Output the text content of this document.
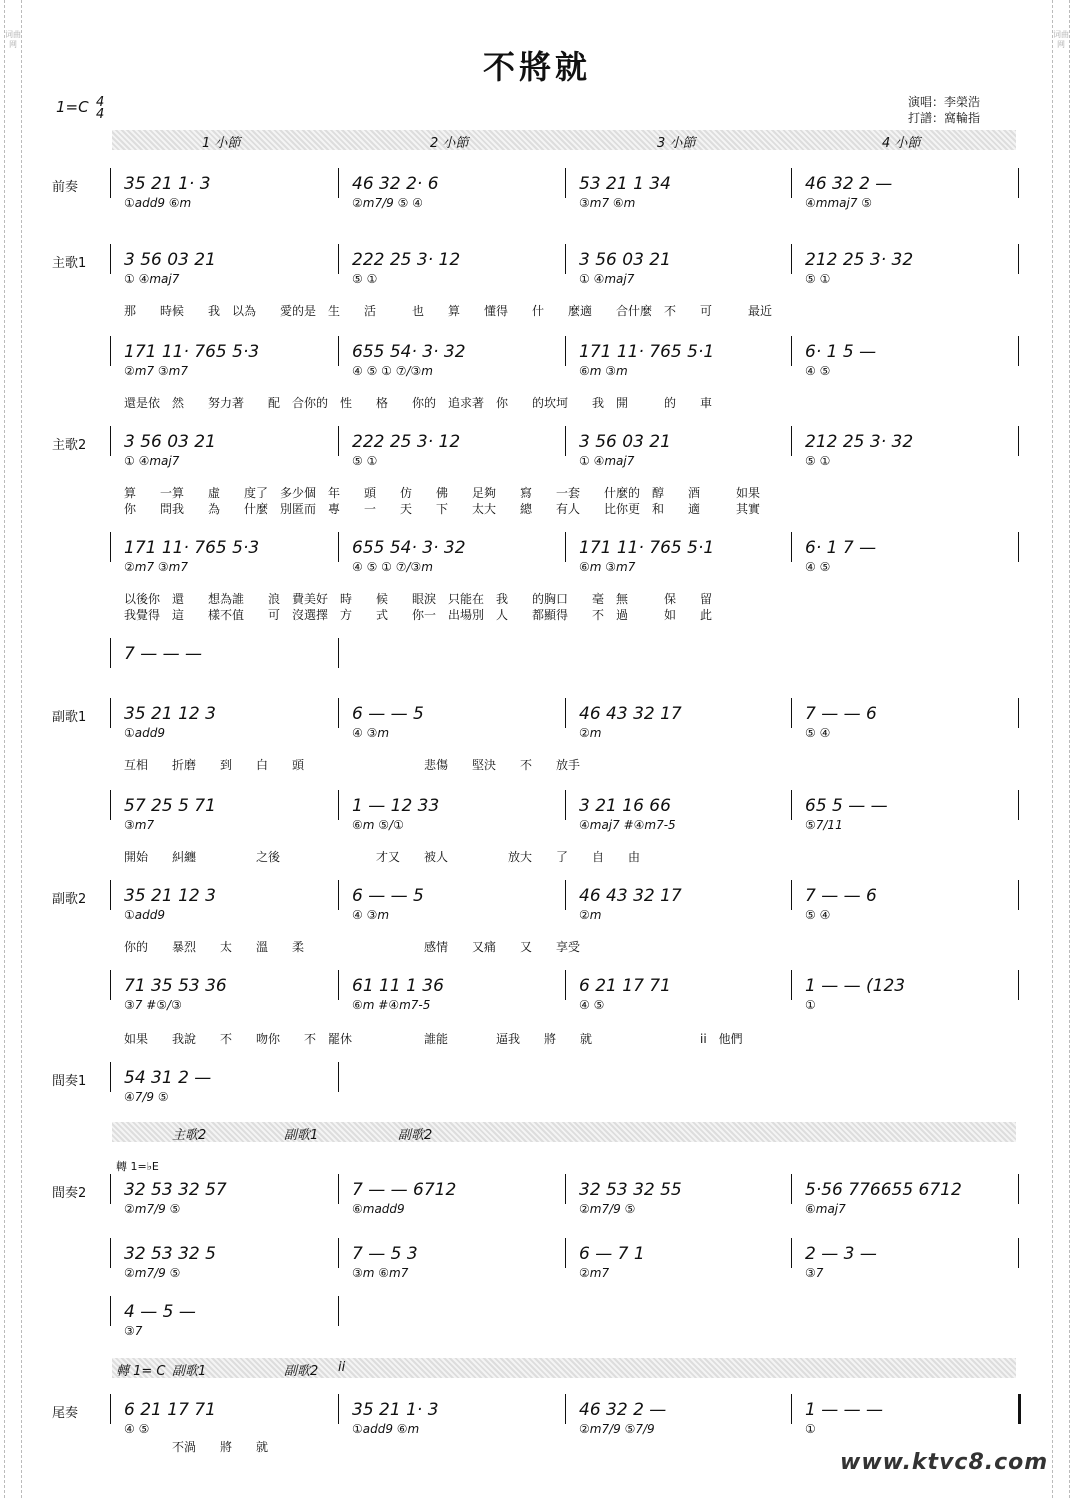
词曲网
词曲网
不將就
1=C 4
4
演唱：李榮浩
打譜：窩輪指
1 小節	2 小節	3 小節	4 小節
前奏	35 21 1· 3	46 32 2· 6	53 21 1 34	46 32 2 —
①add9 ⑥m	②m7/9 ⑤ ④	③m7 ⑥m	④mmaj7 ⑤
主歌1 3 56 03 21	222 25 3· 12	3 56 03 21	212 25 3· 32
① ④maj7	⑤ ①	① ④maj7	⑤ ①
那　　時候　　我　以為　　愛的是　生　　活　　　也　　算　　懂得　　什　　麼適　　合什麼　不　　可　　　最近
171 11· 765 5·3	655 54· 3· 32	171 11· 765 5·1	6· 1 5 —
②m7 ③m7	④ ⑤ ① ⑦/③m	⑥m ③m	④ ⑤
還是依　然　　努力著　　配　合你的　性　　格　　你的　追求著　你　　的坎坷　　我　開　　　的　　車
主歌2 3 56 03 21	222 25 3· 12	3 56 03 21	212 25 3· 32
① ④maj7	⑤ ①	① ④maj7	⑤ ①
算　　一算　　虛　　度了　多少個　年　　頭　　仿　　佛　　足夠　　寫　　一套　　什麼的　醇　　酒　　　如果
你　　問我　　為　　什麼　別匿而　專　　一　　天　　下　　太大　　總　　有人　　比你更　和　　適　　　其實
171 11· 765 5·3	655 54· 3· 32	171 11· 765 5·1	6· 1 7 —
②m7 ③m7	④ ⑤ ① ⑦/③m	⑥m ③m7	④ ⑤
以後你　還　　想為誰　　浪　費美好　時　　候　　眼淚　只能在　我　　的胸口　　毫　無　　　保　　留
我覺得　這　　樣不值　　可　沒選擇　方　　式　　你一　出場別　人　　都顯得　　不　過　　　如　　此
7 — — —
副歌1 35 21 12 3	6 — — 5	46 43 32 17	7 — — 6
①add9	④ ③m	②m	⑤ ④
互相　　折磨　　到　　白　　頭　　　　　　　　　　悲傷　　堅決　　不　　放手
57 25 5 71	1 — 12 33	3 21 16 66	65 5 — —
③m7	⑥m ⑤/①	④maj7 #④m7-5	⑤7/11
開始　　糾纏　　　　　之後　　　　　　　　才又　　被人　　　　　放大　　了　　自　　由
副歌2 35 21 12 3	6 — — 5	46 43 32 17	7 — — 6
①add9	④ ③m	②m	⑤ ④
你的　　暴烈　　太　　溫　　柔　　　　　　　　　　感情　　又痛　　又　　享受
71 35 53 36	61 11 1 36	6 21 17 71	1 — — (123
③7 #⑤/③	⑥m #④m7-5	④ ⑤	①
如果　　我說　　不　　吻你　　不　罷休　　　　　　誰能　　　　逼我　　將　　就　　　　　　　　　ii　他們
間奏1 54 31 2 —
④7/9 ⑤
間奏2 32 53 32 57	7 — — 6712	32 53 32 55	5·56 776655 6712
②m7/9 ⑤	⑥madd9	②m7/9 ⑤	⑥maj7
32 53 32 5	7 — 5 3	6 — 7 1	2 — 3 —
②m7/9 ⑤	③m ⑥m7	②m7	③7
4 — 5 —
③7
尾奏	6 21 17 71	35 21 1· 3	46 32 2 —	1 — — —
④ ⑤	①add9 ⑥m	②m7/9 ⑤7/9	①
　　　　不渦　　將　　就
主歌2	副歌1	副歌2
轉 1=♭E
轉 1= C 副歌1	副歌2 ii
www.ktvc8.com
